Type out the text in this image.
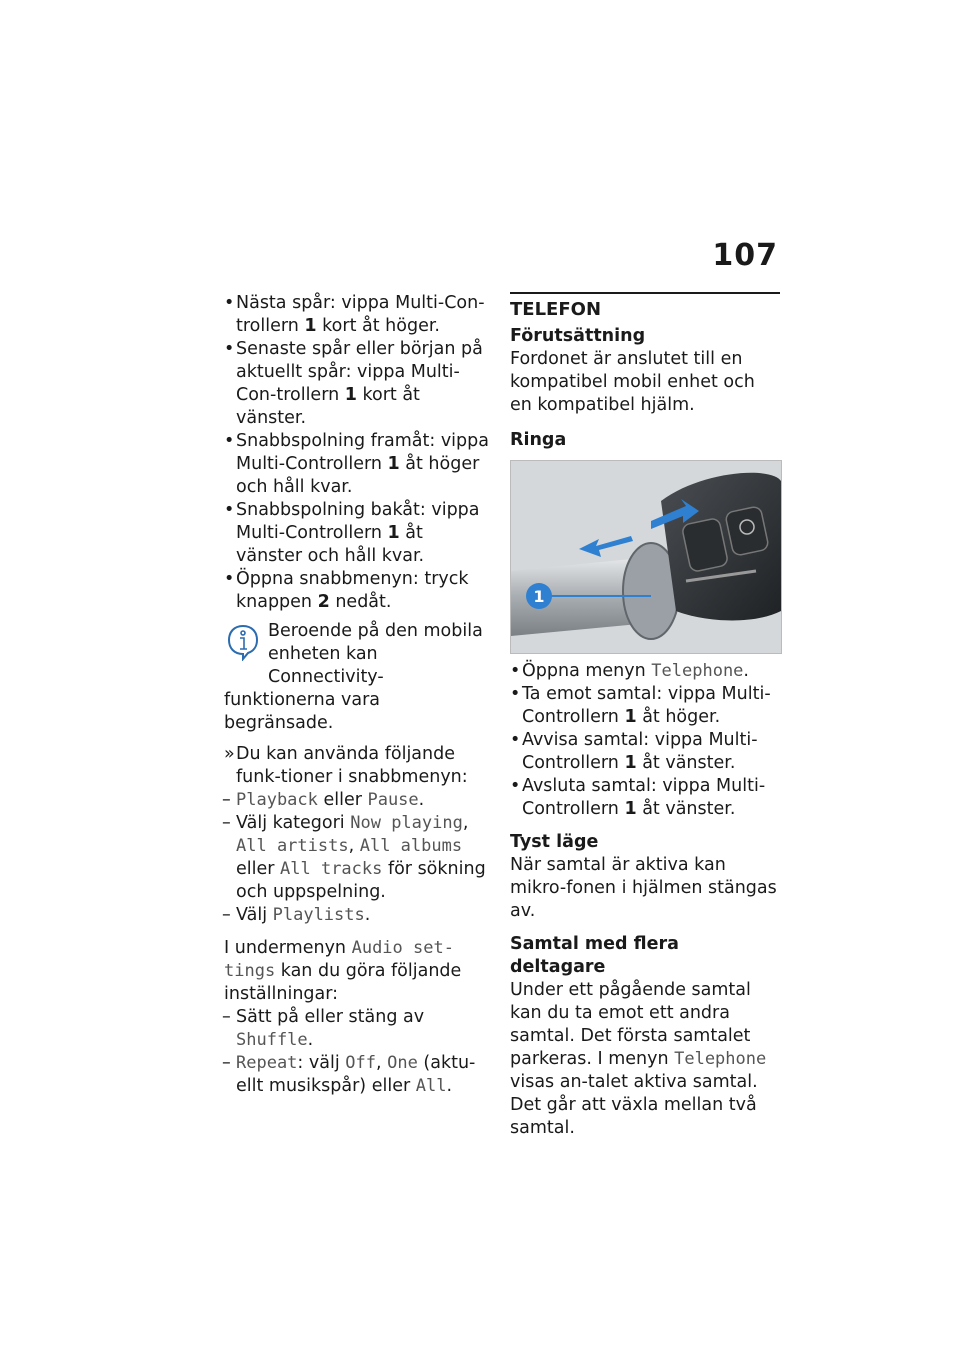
107
• Nästa spår: vippa Multi-Con-trollern 1 kort åt höger.
• Senaste spår eller början på aktuellt spår: vippa Multi-Con-trollern 1 kort åt vänster.
• Snabbspolning framåt: vippa Multi-Controllern 1 åt höger och håll kvar.
• Snabbspolning bakåt: vippa Multi-Controllern 1 åt vänster och håll kvar.
• Öppna snabbmenyn: tryck knappen 2 nedåt.
Beroende på den mobila
enheten kan Connectivity-
funktionerna vara begränsade.
» Du kan använda följande funk-tioner i snabbmenyn:
– Playback eller Pause.
– Välj kategori Now playing, All artists, All albums eller All tracks för sökning och uppspelning.
– Välj Playlists.
I undermenyn Audio set-tings kan du göra följande inställningar:
– Sätt på eller stäng av Shuffle.
– Repeat: välj Off, One (aktu-ellt musikspår) eller All.
TELEFON
Förutsättning
Fordonet är anslutet till en kompatibel mobil enhet och en kompatibel hjälm.
Ringa
1
• Öppna menyn Telephone.
• Ta emot samtal: vippa Multi-Controllern 1 åt höger.
• Avvisa samtal: vippa Multi-Controllern 1 åt vänster.
• Avsluta samtal: vippa Multi-Controllern 1 åt vänster.
Tyst läge
När samtal är aktiva kan mikro-fonen i hjälmen stängas av.
Samtal med flera deltagare
Under ett pågående samtal kan du ta emot ett andra samtal. Det första samtalet parkeras. I menyn Telephone visas an-talet aktiva samtal. Det går att växla mellan två samtal.
